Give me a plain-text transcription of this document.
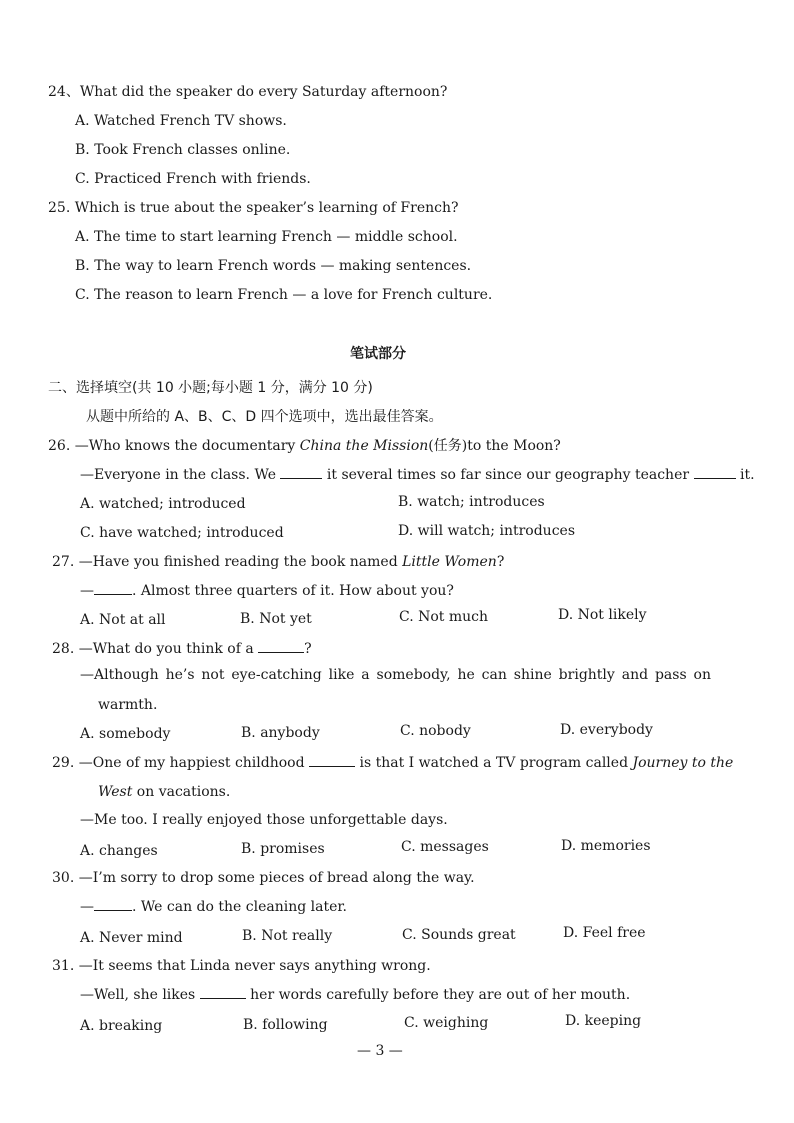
24、What did the speaker do every Saturday afternoon?
A. Watched French TV shows.
B. Took French classes online.
C. Practiced French with friends.
25. Which is true about the speaker’s learning of French?
A. The time to start learning French — middle school.
B. The way to learn French words — making sentences.
C. The reason to learn French — a love for French culture.
笔试部分
二、选择填空(共 10 小题;每小题 1 分，满分 10 分)
从题中所给的 A、B、C、D 四个选项中，选出最佳答案。
26. —Who knows the documentary China the Mission(任务)to the Moon?
—Everyone in the class. We	it several times so far since our geography teacher	it.
A. watched; introduced	B. watch; introduces
C. have watched; introduced	D. will watch; introduces
27. —Have you finished reading the book named Little Women?
—	. Almost three quarters of it. How about you?
A. Not at all	B. Not yet	C. Not much	D. Not likely
28. —What do you think of a	?
—Although he’s not eye-catching like a somebody, he can shine brightly and pass on
warmth.
A. somebody	B. anybody	C. nobody	D. everybody
29. —One of my happiest childhood	is that I watched a TV program called Journey to the
West on vacations.
—Me too. I really enjoyed those unforgettable days.
A. changes	B. promises	C. messages	D. memories
30. —I’m sorry to drop some pieces of bread along the way.
—	. We can do the cleaning later.
A. Never mind	B. Not really	C. Sounds great	D. Feel free
31. —It seems that Linda never says anything wrong.
—Well, she likes	her words carefully before they are out of her mouth.
A. breaking	B. following	C. weighing	D. keeping
— 3 —
